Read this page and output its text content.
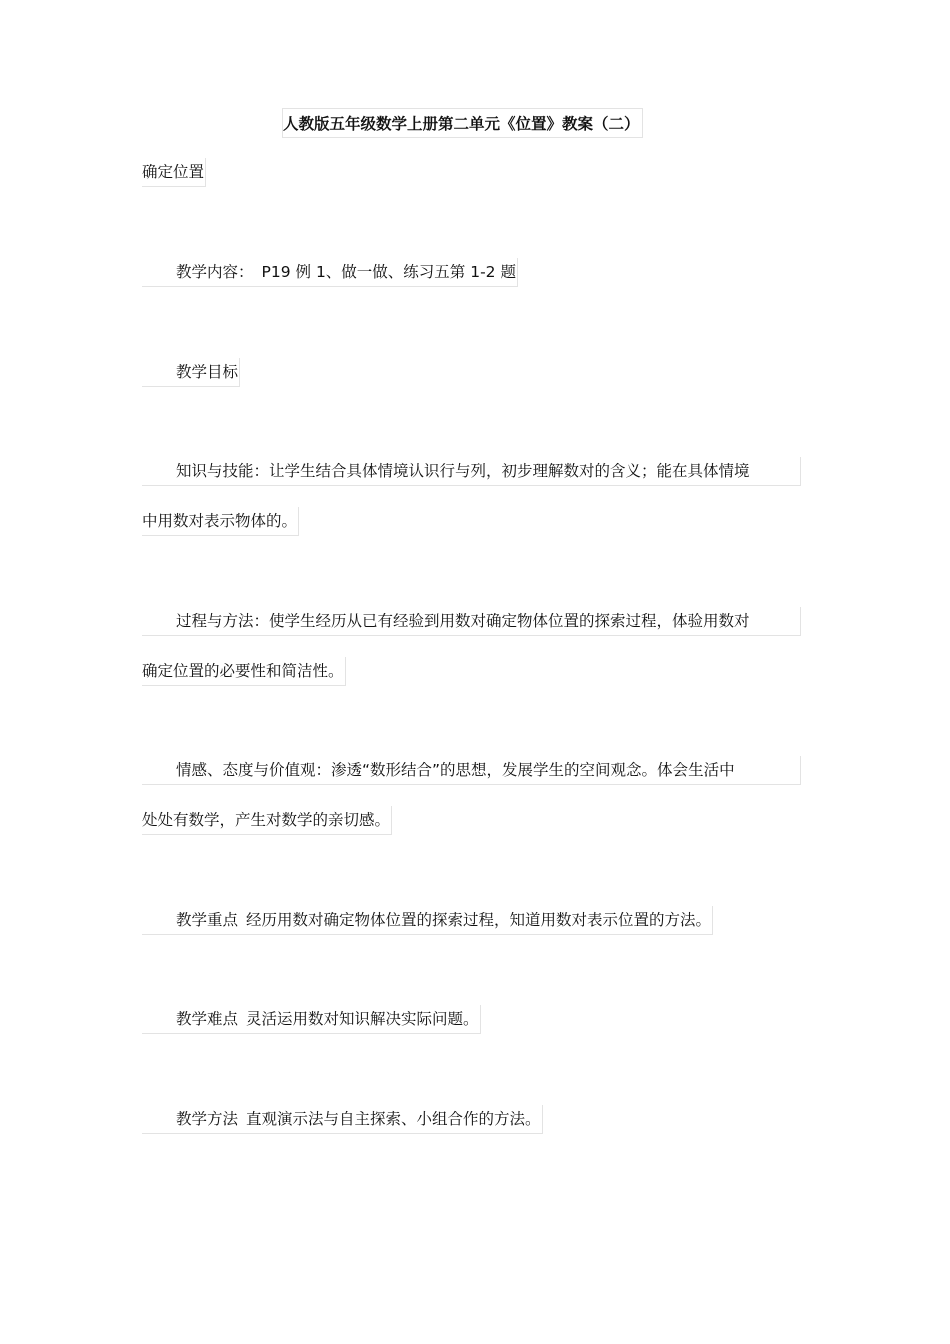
人教版五年级数学上册第二单元《位置》教案（二）
确定位置
教学内容： P19 例 1、做一做、练习五第 1-2 题
教学目标
知识与技能：让学生结合具体情境认识行与列，初步理解数对的含义；能在具体情境
中用数对表示物体的。
过程与方法：使学生经历从已有经验到用数对确定物体位置的探索过程，体验用数对
确定位置的必要性和简洁性。
情感、态度与价值观：渗透“数形结合”的思想，发展学生的空间观念。体会生活中
处处有数学，产生对数学的亲切感。
教学重点 经历用数对确定物体位置的探索过程，知道用数对表示位置的方法。
教学难点 灵活运用数对知识解决实际问题。
教学方法 直观演示法与自主探索、小组合作的方法。
